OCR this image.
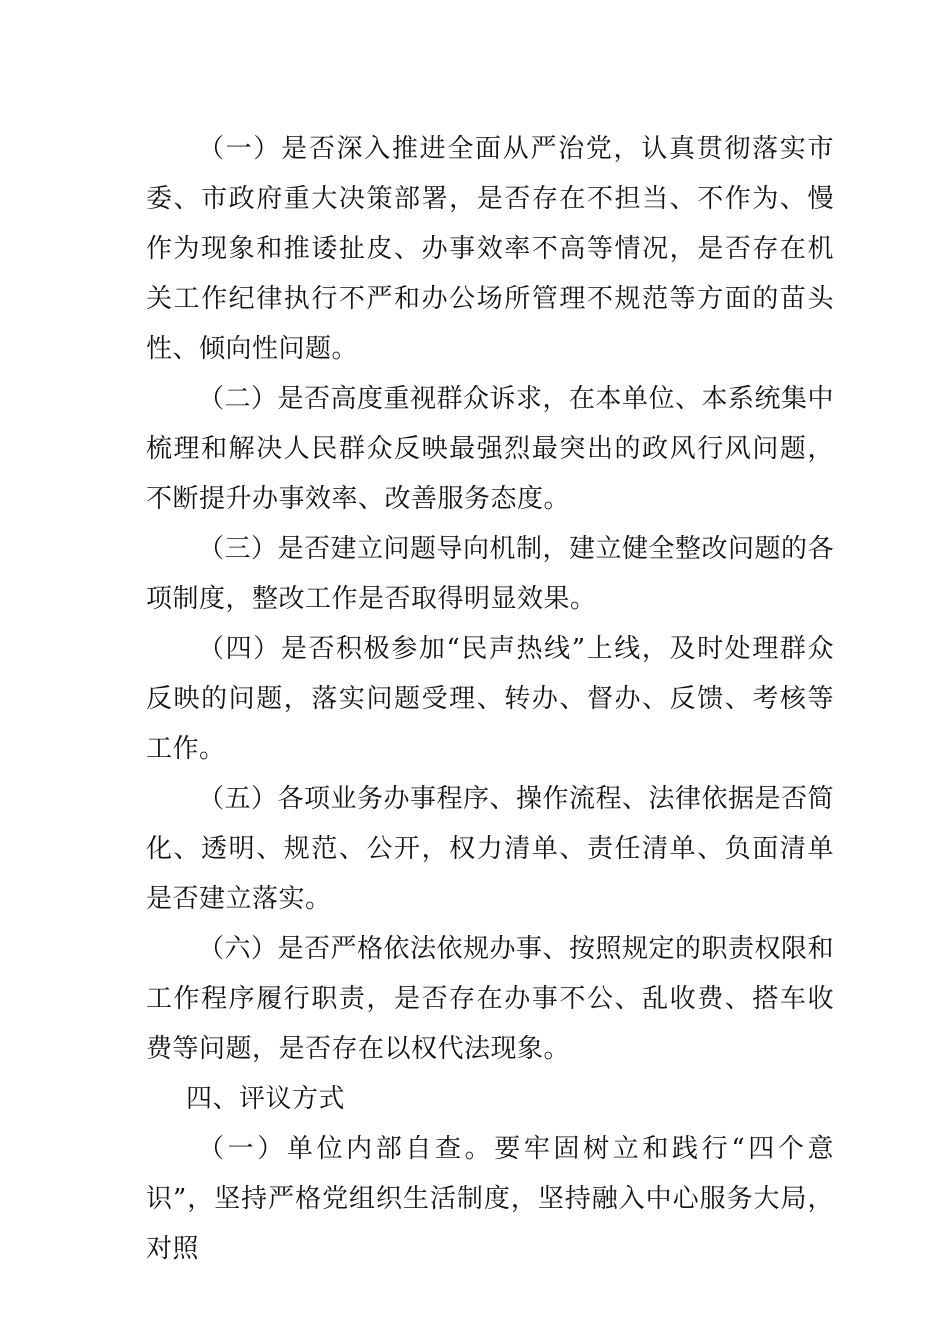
（一）是否深入推进全面从严治党，认真贯彻落实市委、市政府重大决策部署，是否存在不担当、不作为、慢作为现象和推诿扯皮、办事效率不高等情况，是否存在机关工作纪律执行不严和办公场所管理不规范等方面的苗头性、倾向性问题。

（二）是否高度重视群众诉求，在本单位、本系统集中梳理和解决人民群众反映最强烈最突出的政风行风问题，不断提升办事效率、改善服务态度。

（三）是否建立问题导向机制，建立健全整改问题的各项制度，整改工作是否取得明显效果。

（四）是否积极参加“民声热线”上线，及时处理群众反映的问题，落实问题受理、转办、督办、反馈、考核等工作。

（五）各项业务办事程序、操作流程、法律依据是否简化、透明、规范、公开，权力清单、责任清单、负面清单是否建立落实。

（六）是否严格依法依规办事、按照规定的职责权限和工作程序履行职责，是否存在办事不公、乱收费、搭车收费等问题，是否存在以权代法现象。

四、评议方式

（一）单位内部自查。要牢固树立和践行“四个意识”，坚持严格党组织生活制度，坚持融入中心服务大局，对照
